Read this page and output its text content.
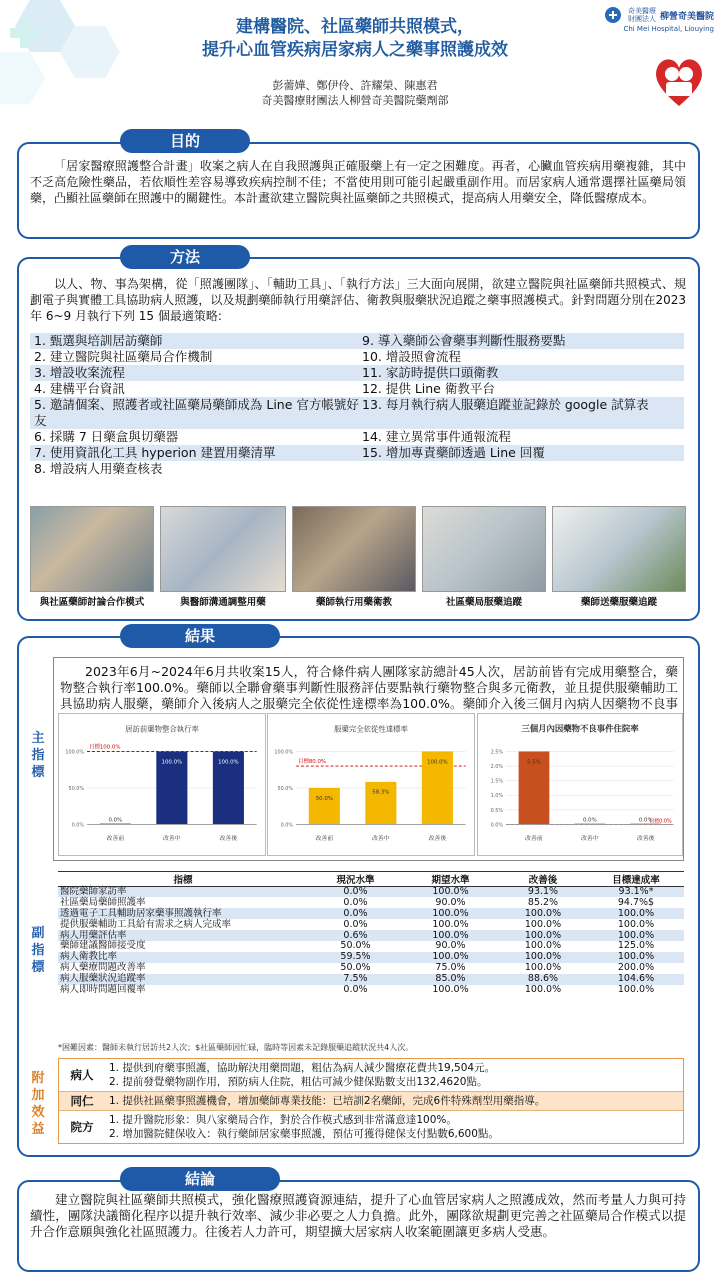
建構醫院、社區藥師共照模式，
提升心血管疾病居家病人之藥事照護成效
彭薷嬅、鄭伊伶、許耀榮、陳惠君
奇美醫療財團法人柳營奇美醫院藥劑部
奇美醫療 財團法人 柳營奇美醫院
Chi Mei Hospital, Liouying
目的
「居家醫療照護整合計畫」收案之病人在自我照護與正確服藥上有一定之困難度。再者，心臟血管疾病用藥複雜，其中不乏高危險性藥品，若依順性差容易導致疾病控制不佳；不當使用則可能引起嚴重副作用。而居家病人通常選擇社區藥局領藥，凸顯社區藥師在照護中的關鍵性。本計畫欲建立醫院與社區藥師之共照模式，提高病人用藥安全，降低醫療成本。
方法
以人、物、事為架構，從「照護團隊」、「輔助工具」、「執行方法」三大面向展開，欲建立醫院與社區藥師共照模式、規劃電子與實體工具協助病人照護，以及規劃藥師執行用藥評估、衛教與服藥狀況追蹤之藥事照護模式。針對問題分別在2023 年 6~9 月執行下列 15 個最適策略:
1. 甄選與培訓居訪藥師	9. 導入藥師公會藥事判斷性服務要點
2. 建立醫院與社區藥局合作機制	10. 增設照會流程
3. 增設收案流程	11. 家訪時提供口頭衛教
4. 建構平台資訊	12. 提供 Line 衛教平台
5. 邀請個案、照護者或社區藥局藥師成為 Line 官方帳號好友
13. 每月執行病人服藥追蹤並記錄於 google 試算表
6. 採購 7 日藥盒與切藥器	14. 建立異常事件通報流程
7. 使用資訊化工具 hyperion 建置用藥清單	15. 增加專責藥師透過 Line 回覆
8. 增設病人用藥查核表
與社區藥師討論合作模式	與醫師溝通調整用藥	藥師執行用藥衛教	社區藥局服藥追蹤	藥師送藥服藥追蹤
結果
主指標
副指標
附加效益
2023年6月~2024年6月共收案15人，符合條件病人團隊家訪總計45人次，居訪前皆有完成用藥整合，藥物整合執行率100.0%。藥師以全聯會藥事判斷性服務評估要點執行藥物整合與多元衛教，並且提供服藥輔助工具協助病人服藥，藥師介入後病人之服藥完全依從性達標率為100.0%。藥師介入後三個月內病人因藥物不良事件住院率為0.0%。
居訪前藥物整合執行率
0.0%
50.0%
100.0%
目標100.0%
0.0%
改善前
100.0%
改善中
100.0%
改善後
服藥完全依從性達標率
0.0%
50.0%
100.0%
目標80.0%
50.0%
改善前
58.3%
改善中
100.0%
改善後
三個月內因藥物不良事件住院率
0.0%
0.5%
1.0%
1.5%
2.0%
2.5%
目標0.0%
5.5%
改善前
0.0%
改善中
0.0%
改善後
指標	現況水準	期望水準	改善後	目標達成率
醫院藥師家訪率	0.0%	100.0%	93.1%	93.1%*
社區藥局藥師照護率	0.0%	90.0%	85.2%	94.7%$
透過電子工具輔助居家藥事照護執行率	0.0%	100.0%	100.0%	100.0%
提供服藥輔助工具給有需求之病人完成率	0.0%	100.0%	100.0%	100.0%
病人用藥評估率	0.6%	100.0%	100.0%	100.0%
藥師建議醫師接受度	50.0%	90.0%	100.0%	125.0%
病人衛教比率	59.5%	100.0%	100.0%	100.0%
病人藥療問題改善率	50.0%	75.0%	100.0%	200.0%
病人服藥狀況追蹤率	7.5%	85.0%	88.6%	104.6%
病人即時問題回覆率	0.0%	100.0%	100.0%	100.0%
*困難因素：醫師未執行居訪共2人次；$社區藥師因忙碌，臨時等因素未記錄服藥追蹤狀況共4人次。
病人	1. 提供到府藥事照護，協助解決用藥問題，粗估為病人減少醫療花費共19,504元。
2. 提前發覺藥物副作用，預防病人住院，粗估可減少健保點數支出132,4620點。
同仁	1. 提供社區藥事照護機會，增加藥師專業技能：已培訓2名藥師，完成6件特殊劑型用藥指導。
院方	1. 提升醫院形象：與八家藥局合作，對於合作模式感到非常滿意達100%。
2. 增加醫院健保收入：執行藥師居家藥事照護，預估可獲得健保支付點數6,600點。
結論
建立醫院與社區藥師共照模式，強化醫療照護資源連結，提升了心血管居家病人之照護成效，然而考量人力與可持續性，團隊決議簡化程序以提升執行效率、減少非必要之人力負擔。此外，團隊欲規劃更完善之社區藥局合作模式以提升合作意願與強化社區照護力。往後若人力許可，期望擴大居家病人收案範圍讓更多病人受惠。
